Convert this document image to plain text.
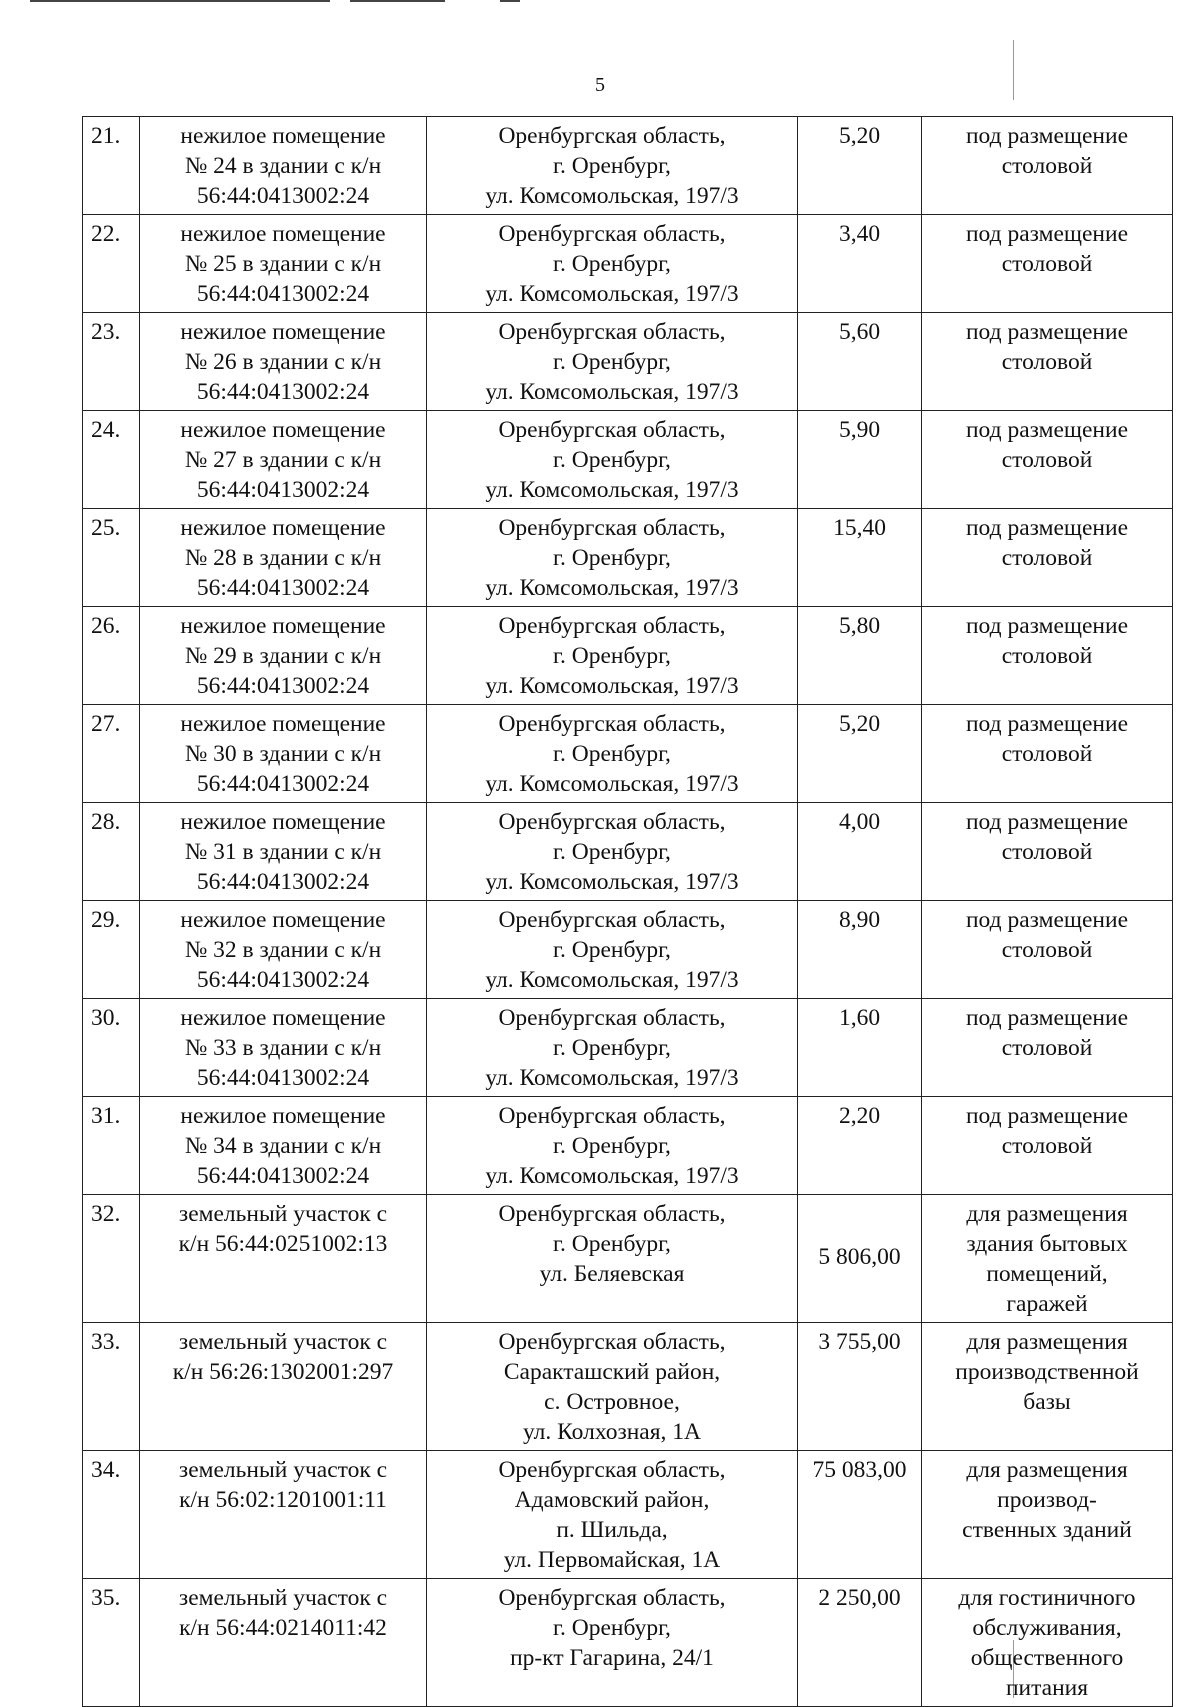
5
21.	нежилое помещение
№ 24 в здании с к/н
56:44:0413002:24	Оренбургская область,
г. Оренбург,
ул. Комсомольская, 197/3	5,20	под размещение
столовой

22.	нежилое помещение
№ 25 в здании с к/н
56:44:0413002:24	Оренбургская область,
г. Оренбург,
ул. Комсомольская, 197/3	3,40	под размещение
столовой

23.	нежилое помещение
№ 26 в здании с к/н
56:44:0413002:24	Оренбургская область,
г. Оренбург,
ул. Комсомольская, 197/3	5,60	под размещение
столовой

24.	нежилое помещение
№ 27 в здании с к/н
56:44:0413002:24	Оренбургская область,
г. Оренбург,
ул. Комсомольская, 197/3	5,90	под размещение
столовой

25.	нежилое помещение
№ 28 в здании с к/н
56:44:0413002:24	Оренбургская область,
г. Оренбург,
ул. Комсомольская, 197/3	15,40	под размещение
столовой

26.	нежилое помещение
№ 29 в здании с к/н
56:44:0413002:24	Оренбургская область,
г. Оренбург,
ул. Комсомольская, 197/3	5,80	под размещение
столовой

27.	нежилое помещение
№ 30 в здании с к/н
56:44:0413002:24	Оренбургская область,
г. Оренбург,
ул. Комсомольская, 197/3	5,20	под размещение
столовой

28.	нежилое помещение
№ 31 в здании с к/н
56:44:0413002:24	Оренбургская область,
г. Оренбург,
ул. Комсомольская, 197/3	4,00	под размещение
столовой

29.	нежилое помещение
№ 32 в здании с к/н
56:44:0413002:24	Оренбургская область,
г. Оренбург,
ул. Комсомольская, 197/3	8,90	под размещение
столовой

30.	нежилое помещение
№ 33 в здании с к/н
56:44:0413002:24	Оренбургская область,
г. Оренбург,
ул. Комсомольская, 197/3	1,60	под размещение
столовой

31.	нежилое помещение
№ 34 в здании с к/н
56:44:0413002:24	Оренбургская область,
г. Оренбург,
ул. Комсомольская, 197/3	2,20	под размещение
столовой

32.	земельный участок с
к/н 56:44:0251002:13	Оренбургская область,
г. Оренбург,
ул. Беляевская	5 806,00	для размещения
здания бытовых
помещений,
гаражей

33.	земельный участок с
к/н 56:26:1302001:297	Оренбургская область,
Саракташский район,
с. Островное,
ул. Колхозная, 1А	3 755,00	для размещения
производственной
базы

34.	земельный участок с
к/н 56:02:1201001:11	Оренбургская область,
Адамовский район,
п. Шильда,
ул. Первомайская, 1А	75 083,00	для размещения
производ-
ственных зданий

35.	земельный участок с
к/н 56:44:0214011:42	Оренбургская область,
г. Оренбург,
пр-кт Гагарина, 24/1	2 250,00	для гостиничного
обслуживания,
общественного
питания
